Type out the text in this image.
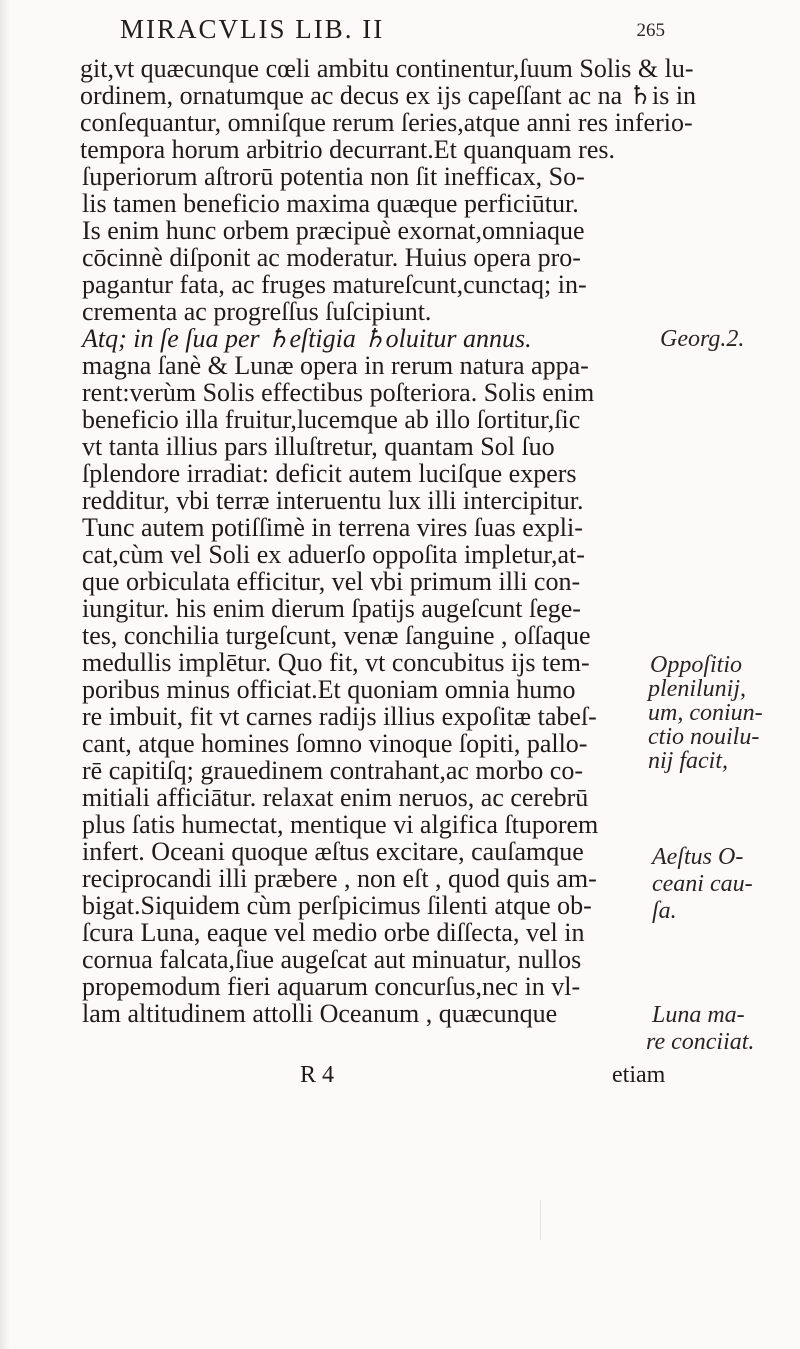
MIRACVLIS LIB. II	265
git,vt quæcunque cœli ambitu continentur,ſuum Solis & lu-
ordinem, ornatumque ac decus ex ijs capeſſant ac na ♄is in
conſequantur, omniſque rerum ſeries,atque anni res inferio-
tempora horum arbitrio decurrant.Et quanquam res.
ſuperiorum aſtrorū potentia non ſit inefficax, So-
lis tamen beneficio maxima quæque perficiūtur.
Is enim hunc orbem præcipuè exornat,omniaque
cōcinnè diſponit ac moderatur. Huius opera pro-
pagantur fata, ac fruges matureſcunt,cunctaq; in-
crementa ac progreſſus ſuſcipiunt.
Atq; in ſe ſua per ♄eſtigia ♄oluitur annus.
magna ſanè & Lunæ opera in rerum natura appa-
rent:verùm Solis effectibus poſteriora. Solis enim
beneficio illa fruitur,lucemque ab illo ſortitur,ſic
vt tanta illius pars illuſtretur, quantam Sol ſuo
ſplendore irradiat: deficit autem luciſque expers
redditur, vbi terræ interuentu lux illi intercipitur.
Tunc autem potiſſimè in terrena vires ſuas expli-
cat,cùm vel Soli ex aduerſo oppoſita impletur,at-
que orbiculata efficitur, vel vbi primum illi con-
iungitur. his enim dierum ſpatijs augeſcunt ſege-
tes, conchilia turgeſcunt, venæ ſanguine , oſſaque
medullis implētur. Quo fit, vt concubitus ijs tem-
poribus minus officiat.Et quoniam omnia humo
re imbuit, fit vt carnes radijs illius expoſitæ tabeſ-
cant, atque homines ſomno vinoque ſopiti, pallo-
rē capitiſq; grauedinem contrahant,ac morbo co-
mitiali afficiātur. relaxat enim neruos, ac cerebrū
plus ſatis humectat, mentique vi algifica ſtuporem
infert. Oceani quoque æſtus excitare, cauſamque
reciprocandi illi præbere , non eſt , quod quis am-
bigat.Siquidem cùm perſpicimus ſilenti atque ob-
ſcura Luna, eaque vel medio orbe diſſecta, vel in
cornua falcata,ſiue augeſcat aut minuatur, nullos
propemodum fieri aquarum concurſus,nec in vl-
lam altitudinem attolli Oceanum , quæcunque
Georg.2.
Oppoſitio
plenilunij,
um, coniun-
ctio nouilu-
nij facit,
Aeſtus O-
ceani cau-
ſa.
Luna ma-
re conciiat.
R 4	etiam
